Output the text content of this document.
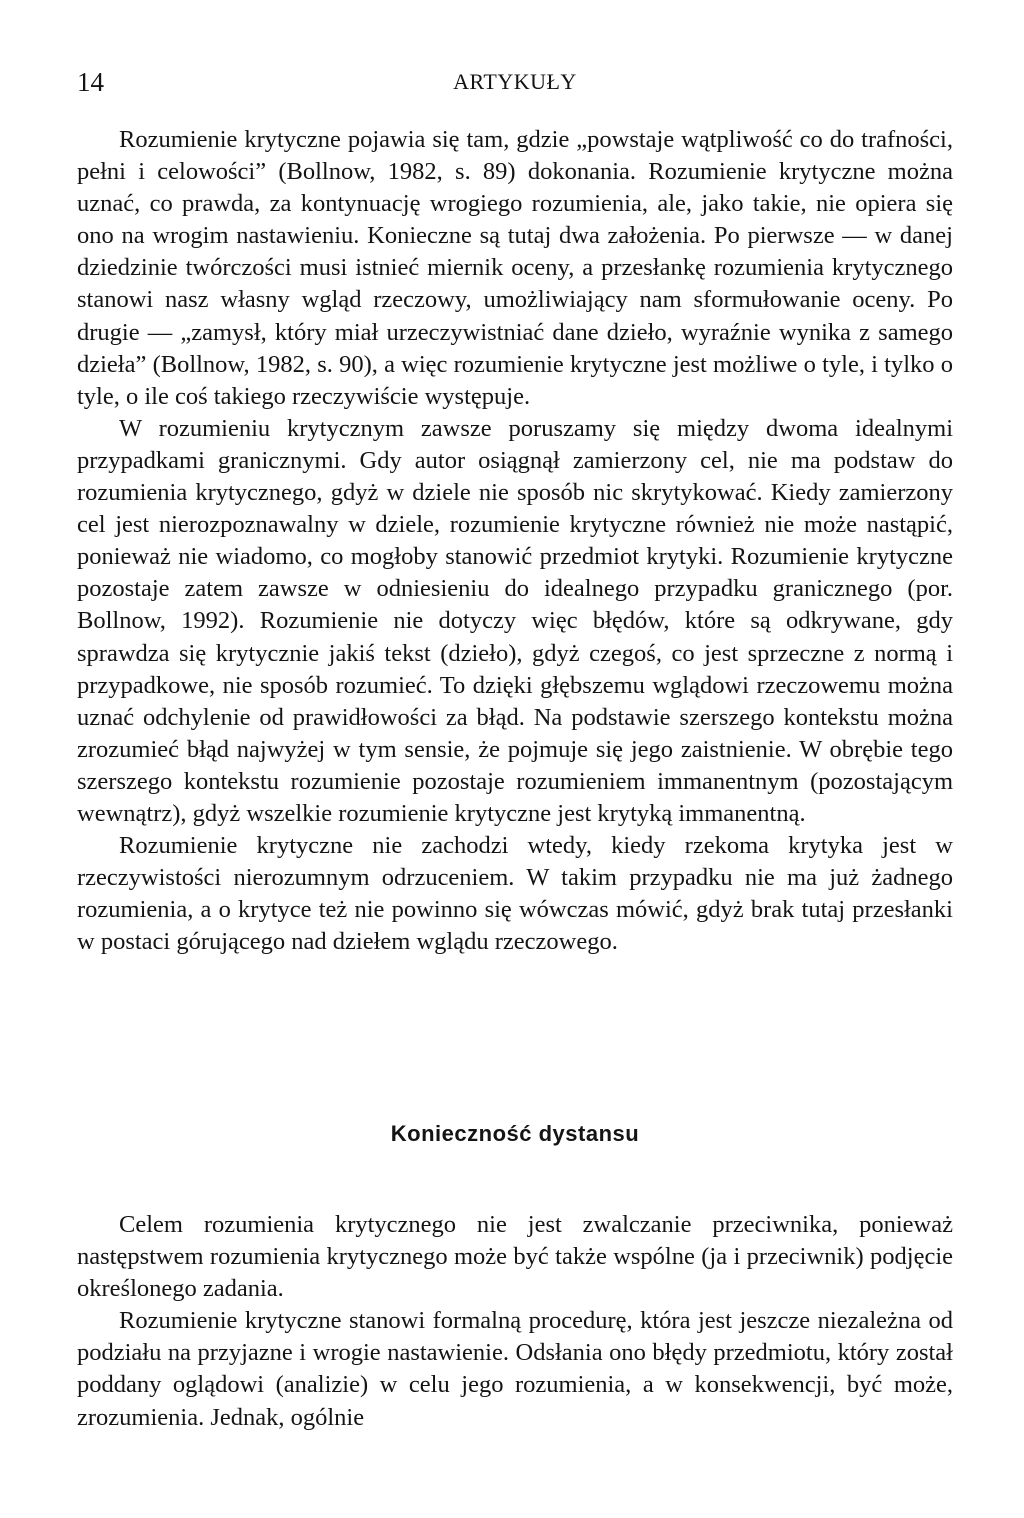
14	ARTYKUŁY

Rozumienie krytyczne pojawia się tam, gdzie „powstaje wątpliwość co do trafności, pełni i celowości” (Bollnow, 1982, s. 89) dokonania. Rozumienie krytyczne można uznać, co prawda, za kontynuację wrogiego rozumienia, ale, jako takie, nie opiera się ono na wrogim nastawieniu. Konieczne są tutaj dwa założenia. Po pierwsze — w danej dziedzinie twórczości musi istnieć miernik oceny, a przesłankę rozumienia krytycznego stanowi nasz własny wgląd rzeczowy, umożliwiający nam sformułowanie oceny. Po drugie — „zamysł, który miał urzeczywistniać dane dzieło, wyraźnie wynika z samego dzieła” (Bollnow, 1982, s. 90), a więc rozumienie krytyczne jest możliwe o tyle, i tylko o tyle, o ile coś takiego rzeczywiście występuje.

W rozumieniu krytycznym zawsze poruszamy się między dwoma idealnymi przypadkami granicznymi. Gdy autor osiągnął zamierzony cel, nie ma podstaw do rozumienia krytycznego, gdyż w dziele nie sposób nic skrytykować. Kiedy zamierzony cel jest nierozpoznawalny w dziele, rozumienie krytyczne również nie może nastąpić, ponieważ nie wiadomo, co mogłoby stanowić przedmiot krytyki. Rozumienie krytyczne pozostaje zatem zawsze w odniesieniu do idealnego przypadku granicznego (por. Bollnow, 1992). Rozumienie nie dotyczy więc błędów, które są odkrywane, gdy sprawdza się krytycznie jakiś tekst (dzieło), gdyż czegoś, co jest sprzeczne z normą i przypadkowe, nie sposób rozumieć. To dzięki głębszemu wglądowi rzeczowemu można uznać odchylenie od prawidłowości za błąd. Na podstawie szerszego kontekstu można zrozumieć błąd najwyżej w tym sensie, że pojmuje się jego zaistnienie. W obrębie tego szerszego kontekstu rozumienie pozostaje rozumieniem immanentnym (pozostającym wewnątrz), gdyż wszelkie rozumienie krytyczne jest krytyką immanentną.

Rozumienie krytyczne nie zachodzi wtedy, kiedy rzekoma krytyka jest w rzeczywistości nierozumnym odrzuceniem. W takim przypadku nie ma już żadnego rozumienia, a o krytyce też nie powinno się wówczas mówić, gdyż brak tutaj przesłanki w postaci górującego nad dziełem wglądu rzeczowego.

Konieczność dystansu

Celem rozumienia krytycznego nie jest zwalczanie przeciwnika, ponieważ następstwem rozumienia krytycznego może być także wspólne (ja i przeciwnik) podjęcie określonego zadania.

Rozumienie krytyczne stanowi formalną procedurę, która jest jeszcze niezależna od podziału na przyjazne i wrogie nastawienie. Odsłania ono błędy przedmiotu, który został poddany oglądowi (analizie) w celu jego rozumienia, a w konsekwencji, być może, zrozumienia. Jednak, ogólnie
